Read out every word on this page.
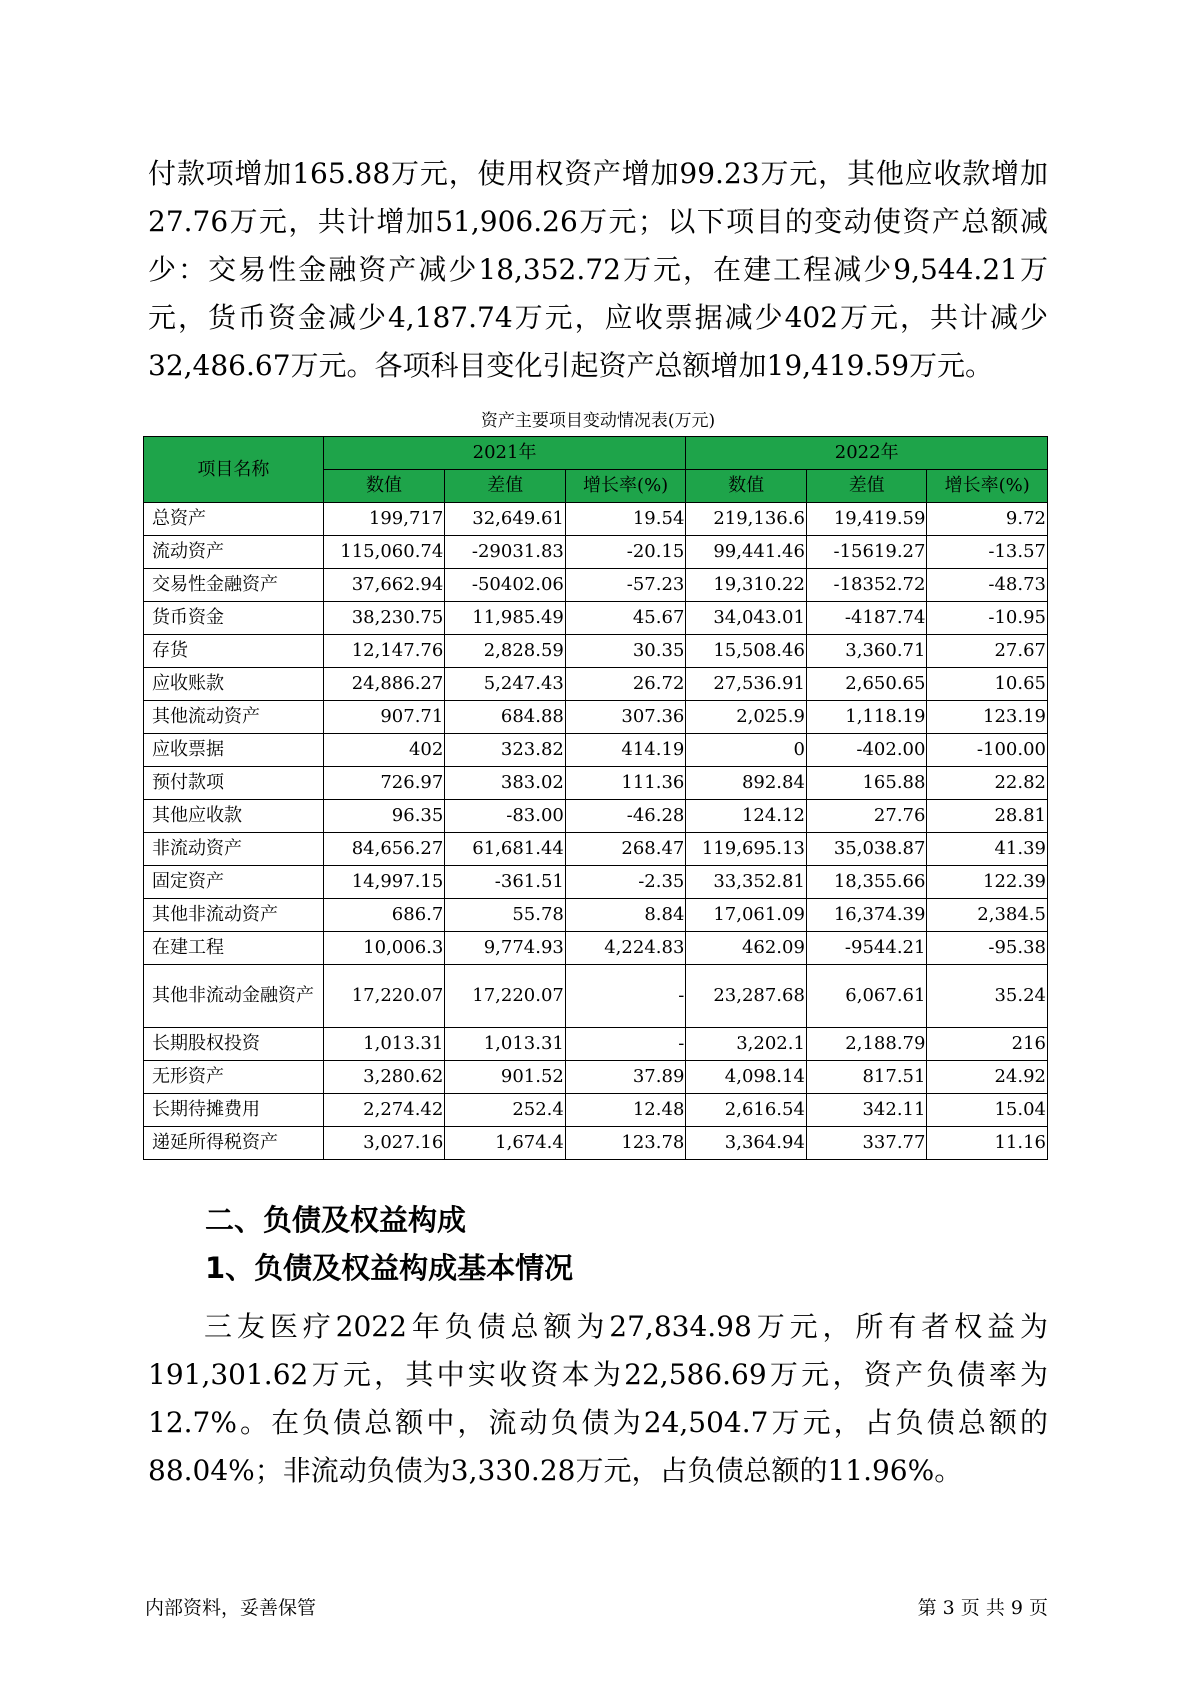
付款项增加165.88万元，使用权资产增加99.23万元，其他应收款增加27.76万元，共计增加51,906.26万元；以下项目的变动使资产总额减少：交易性金融资产减少18,352.72万元，在建工程减少9,544.21万元，货币资金减少4,187.74万元，应收票据减少402万元，共计减少32,486.67万元。各项科目变化引起资产总额增加19,419.59万元。

资产主要项目变动情况表(万元)
项目名称	2021年			2022年		
	数值	差值	增长率(%)	数值	差值	增长率(%)
总资产	199,717	32,649.61	19.54	219,136.6	19,419.59	9.72
流动资产	115,060.74	-29031.83	-20.15	99,441.46	-15619.27	-13.57
交易性金融资产	37,662.94	-50402.06	-57.23	19,310.22	-18352.72	-48.73
货币资金	38,230.75	11,985.49	45.67	34,043.01	-4187.74	-10.95
存货	12,147.76	2,828.59	30.35	15,508.46	3,360.71	27.67
应收账款	24,886.27	5,247.43	26.72	27,536.91	2,650.65	10.65
其他流动资产	907.71	684.88	307.36	2,025.9	1,118.19	123.19
应收票据	402	323.82	414.19	0	-402.00	-100.00
预付款项	726.97	383.02	111.36	892.84	165.88	22.82
其他应收款	96.35	-83.00	-46.28	124.12	27.76	28.81
非流动资产	84,656.27	61,681.44	268.47	119,695.13	35,038.87	41.39
固定资产	14,997.15	-361.51	-2.35	33,352.81	18,355.66	122.39
其他非流动资产	686.7	55.78	8.84	17,061.09	16,374.39	2,384.5
在建工程	10,006.3	9,774.93	4,224.83	462.09	-9544.21	-95.38
其他非流动金融资产	17,220.07	17,220.07	-	23,287.68	6,067.61	35.24
长期股权投资	1,013.31	1,013.31	-	3,202.1	2,188.79	216
无形资产	3,280.62	901.52	37.89	4,098.14	817.51	24.92
长期待摊费用	2,274.42	252.4	12.48	2,616.54	342.11	15.04
递延所得税资产	3,027.16	1,674.4	123.78	3,364.94	337.77	11.16
二、负债及权益构成
1、负债及权益构成基本情况

三友医疗2022年负债总额为27,834.98万元，所有者权益为191,301.62万元，其中实收资本为22,586.69万元，资产负债率为12.7%。在负债总额中，流动负债为24,504.7万元，占负债总额的88.04%；非流动负债为3,330.28万元，占负债总额的11.96%。

内部资料，妥善保管	第 3 页 共 9 页
